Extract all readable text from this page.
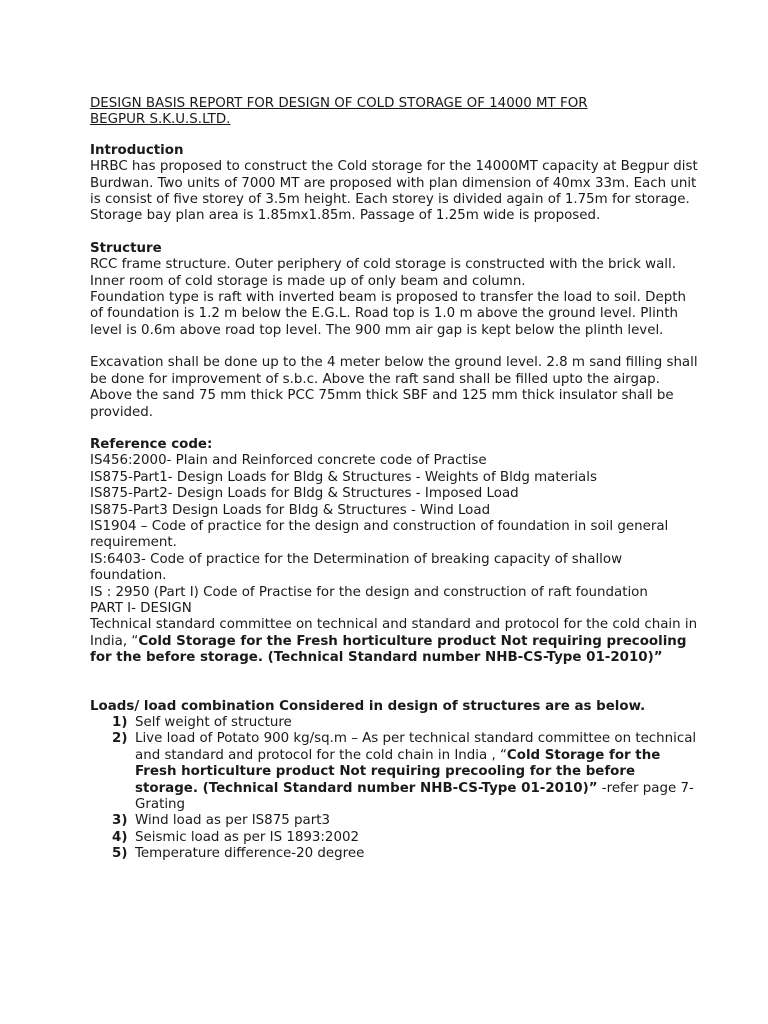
DESIGN BASIS REPORT FOR DESIGN OF COLD STORAGE OF 14000 MT FOR
BEGPUR S.K.U.S.LTD.
Introduction

HRBC has proposed to construct the Cold storage for the 14000MT capacity at Begpur dist Burdwan. Two units of 7000 MT are proposed with plan dimension of 40mx 33m. Each unit is consist of five storey of 3.5m height. Each storey is divided again of 1.75m for storage. Storage bay plan area is 1.85mx1.85m. Passage of 1.25m wide is proposed.

Structure

RCC frame structure. Outer periphery of cold storage is constructed with the brick wall. Inner room of cold storage is made up of only beam and column.

Foundation type is raft with inverted beam is proposed to transfer the load to soil. Depth of foundation is 1.2 m below the E.G.L. Road top is 1.0 m above the ground level. Plinth level is 0.6m above road top level. The 900 mm air gap is kept below the plinth level.

Excavation shall be done up to the 4 meter below the ground level. 2.8 m sand filling shall be done for improvement of s.b.c. Above the raft sand shall be filled upto the airgap. Above the sand 75 mm thick PCC 75mm thick SBF and 125 mm thick insulator shall be provided.

Reference code:
IS456:2000- Plain and Reinforced concrete code of Practise
IS875-Part1- Design Loads for Bldg & Structures - Weights of Bldg materials
IS875-Part2- Design Loads for Bldg & Structures - Imposed Load
IS875-Part3 Design Loads for Bldg & Structures - Wind Load
IS1904 – Code of practice for the design and construction of foundation in soil general requirement.
IS:6403- Code of practice for the Determination of breaking capacity of shallow foundation.
IS : 2950 (Part I) Code of Practise for the design and construction of raft foundation
PART I- DESIGN

Technical standard committee on technical and standard and protocol for the cold chain in India, “Cold Storage for the Fresh horticulture product Not requiring precooling for the before storage. (Technical Standard number NHB-CS-Type 01-2010)”

Loads/ load combination Considered in design of structures are as below.
1) Self weight of structure
2) Live load of Potato 900 kg/sq.m – As per technical standard committee on technical and standard and protocol for the cold chain in India , “Cold Storage for the Fresh horticulture product Not requiring precooling for the before storage. (Technical Standard number NHB-CS-Type 01-2010)” -refer page 7- Grating
3) Wind load as per IS875 part3
4) Seismic load as per IS 1893:2002
5) Temperature difference-20 degree
